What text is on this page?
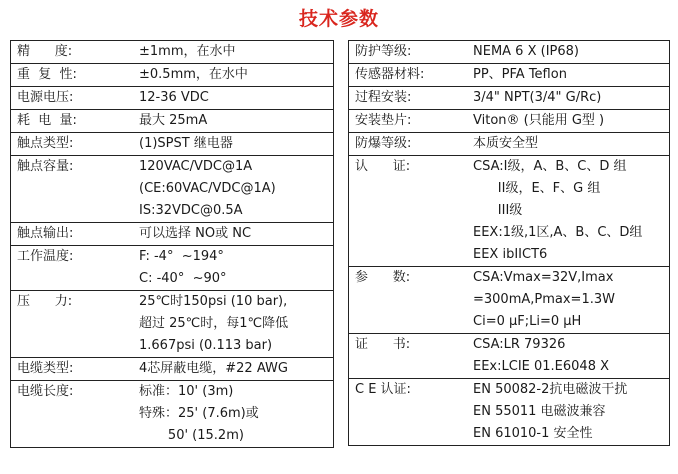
技术参数
精      度:	±1mm，在水中
重  复  性:	±0.5mm，在水中
电源电压:	12-36 VDC
耗  电  量:	最大 25mA
触点类型:	(1)SPST 继电器
触点容量:	120VAC/VDC@1A
(CE:60VAC/VDC@1A)
IS:32VDC@0.5A
触点输出:	可以选择 NO或 NC
工作温度:	F: -4°  ~194°
C: -40°  ~90°
压      力:	25℃时150psi (10 bar),
超过 25℃时，每1℃降低
1.667psi (0.113 bar)
电缆类型:	4芯屏蔽电缆，#22 AWG
电缆长度:	标准：10' (3m)
特殊：25' (7.6m)或
50' (15.2m)
防护等级:	NEMA 6 X (IP68)
传感器材料:	PP、PFA Teflon
过程安装:	3/4" NPT(3/4" G/Rc)
安装垫片:	Viton® (只能用 G型 )
防爆等级:	本质安全型
认      证:	CSA:I级，A、B、C、D 组
II级，E、F、G 组
III级
EEX:1级,1区,A、B、C、D组
EEX ibIICT6
参      数:	CSA:Vmax=32V,Imax
=300mA,Pmax=1.3W
Ci=0 μF;Li=0 μH
证      书:	CSA:LR 79326
EEx:LCIE 01.E6048 X
C E 认证:	EN 50082-2抗电磁波干扰
EN 55011 电磁波兼容
EN 61010-1 安全性
